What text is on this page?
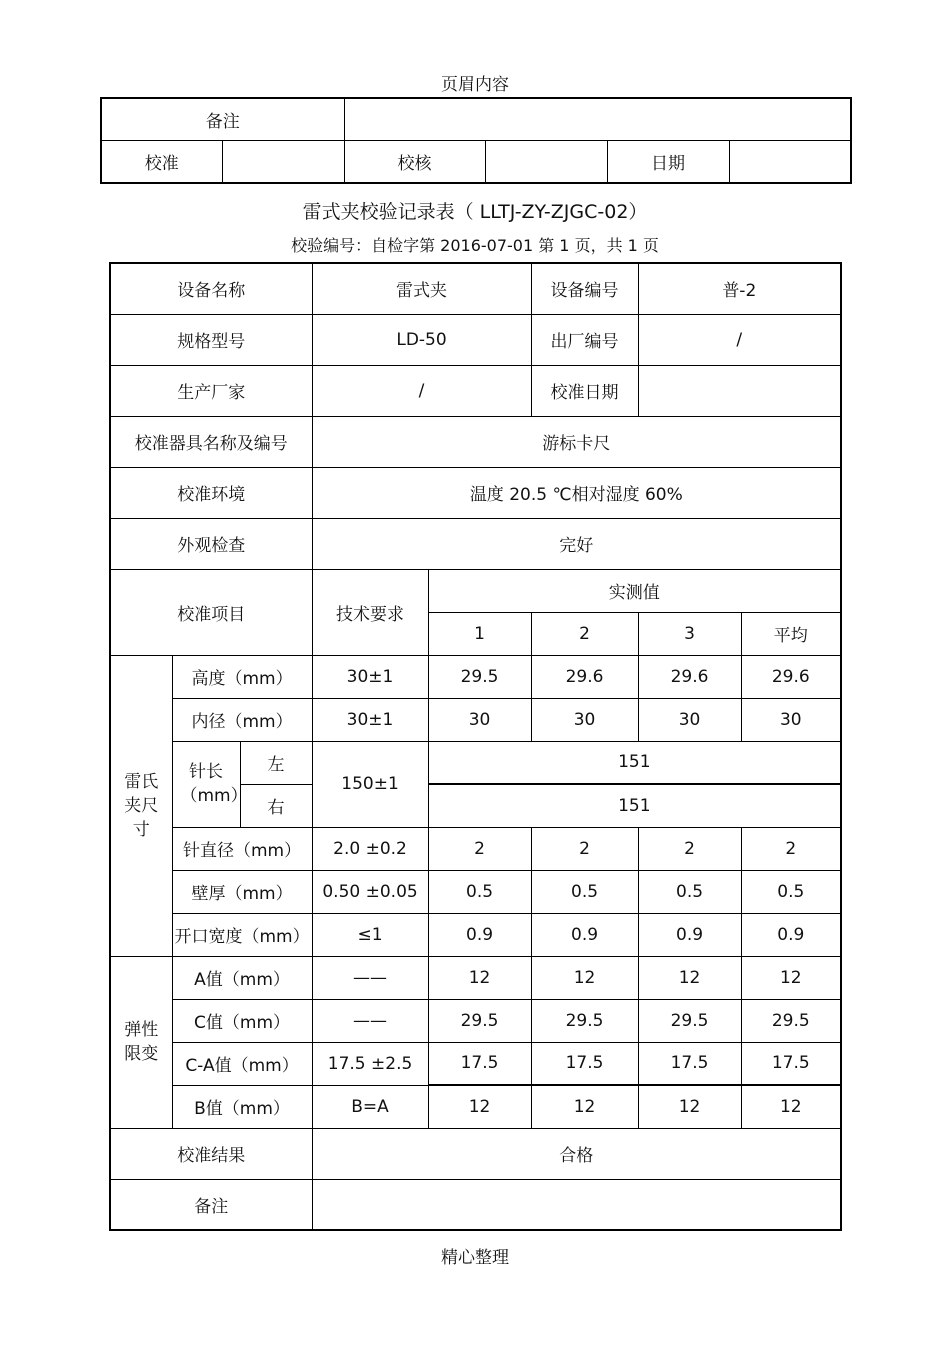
页眉内容
备注					
校准		校核		日期	
雷式夹校验记录表（ LLTJ-ZY-ZJGC-02）
校验编号：自检字第 2016-07-01 第 1 页，共 1 页
设备名称			雷式夹		设备编号	普-2	
规格型号			LD-50		出厂编号	/	
生产厂家			/		校准日期		
校准器具名称及编号			游标卡尺				
校准环境			温度 20.5 ℃相对湿度 60%				
外观检查			完好				
校准项目			技术要求	实测值			
				1	2	3	平均
雷氏夹尺寸	高度（mm）		30±1	29.5	29.6	29.6	29.6
	内径（mm）		30±1	30	30	30	30
	针长（mm）	左	150±1	151			
		右		151			
	针直径（mm）		2.0 ±0.2	2	2	2	2
	壁厚（mm）		0.50 ±0.05	0.5	0.5	0.5	0.5
	开口宽度（mm）		≤1	0.9	0.9	0.9	0.9
弹性限变	A值（mm）		——	12	12	12	12
	C值（mm）		——	29.5	29.5	29.5	29.5
	C-A值（mm）		17.5 ±2.5	17.5	17.5	17.5	17.5
	B值（mm）		B=A	12	12	12	12
校准结果			合格				
备注							
精心整理
